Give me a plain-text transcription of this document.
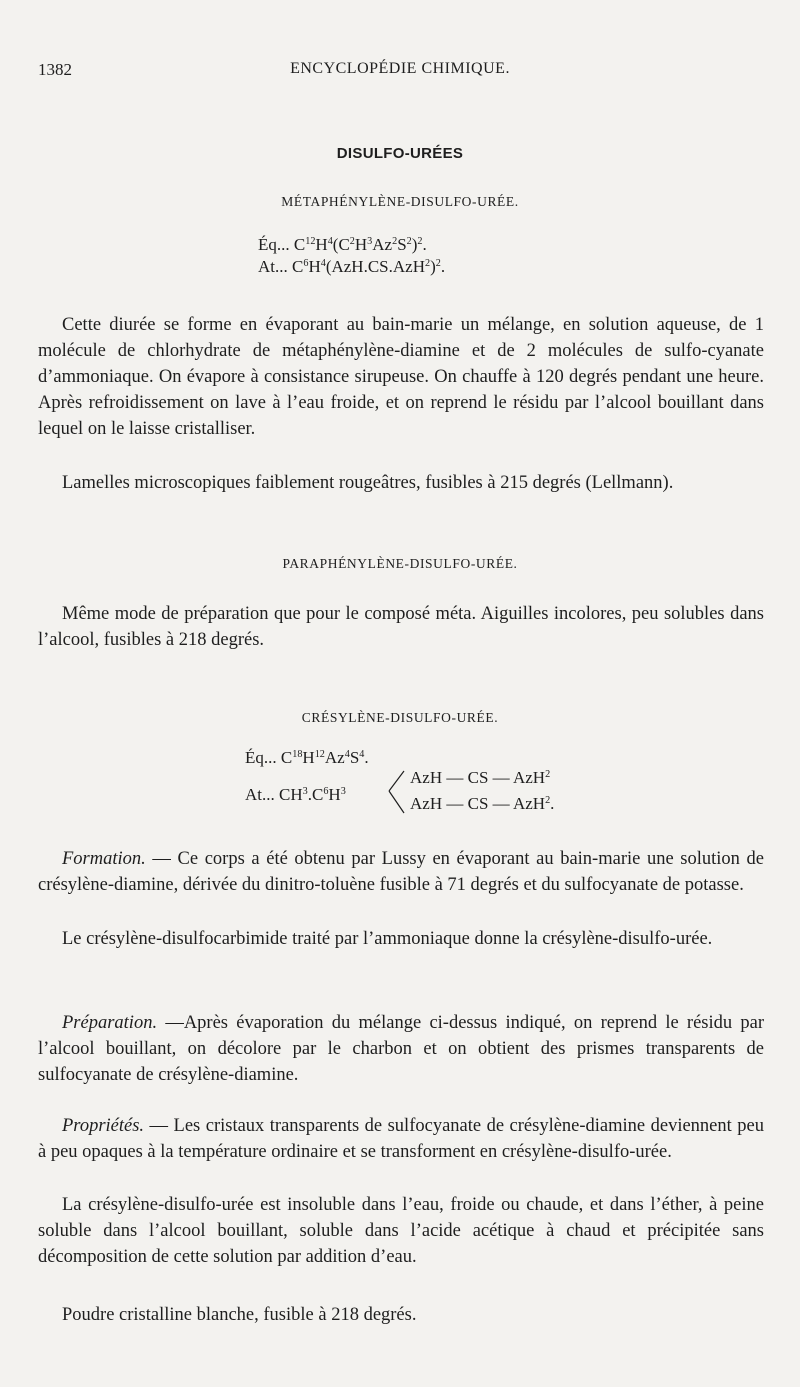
1382	ENCYCLOPÉDIE CHIMIQUE.
DISULFO-URÉES
MÉTAPHÉNYLÈNE-DISULFO-URÉE.
Éq... $C^{12}H^4(C^2H^3Az^2S^2)^2$.
At... $C^6H^4(AzH.CS.AzH^2)^2$.

Cette diurée se forme en évaporant au bain-marie un mélange, en solution aqueuse, de 1 molécule de chlorhydrate de métaphénylène-diamine et de 2 molécules de sulfo-cyanate d’ammoniaque. On évapore à consistance sirupeuse. On chauffe à 120 degrés pendant une heure. Après refroidissement on lave à l’eau froide, et on reprend le résidu par l’alcool bouillant dans lequel on le laisse cristalliser.

Lamelles microscopiques faiblement rougeâtres, fusibles à 215 degrés (Lellmann).

PARAPHÉNYLÈNE-DISULFO-URÉE.

Même mode de préparation que pour le composé méta. Aiguilles incolores, peu solubles dans l’alcool, fusibles à 218 degrés.

CRÉSYLÈNE-DISULFO-URÉE.
Éq... $C^{18}H^{12}Az^4S^4$.
At... $CH^3.C^6H^3$
AzH — CS — AzH$^2$
AzH — CS — AzH$^2$.

Formation. — Ce corps a été obtenu par Lussy en évaporant au bain-marie une solution de crésylène-diamine, dérivée du dinitro-toluène fusible à 71 degrés et du sulfocyanate de potasse.

Le crésylène-disulfocarbimide traité par l’ammoniaque donne la crésylène-disulfo-urée.

Préparation. —Après évaporation du mélange ci-dessus indiqué, on reprend le résidu par l’alcool bouillant, on décolore par le charbon et on obtient des prismes transparents de sulfocyanate de crésylène-diamine.

Propriétés. — Les cristaux transparents de sulfocyanate de crésylène-diamine deviennent peu à peu opaques à la température ordinaire et se transforment en crésylène-disulfo-urée.

La crésylène-disulfo-urée est insoluble dans l’eau, froide ou chaude, et dans l’éther, à peine soluble dans l’alcool bouillant, soluble dans l’acide acétique à chaud et précipitée sans décomposition de cette solution par addition d’eau.

Poudre cristalline blanche, fusible à 218 degrés.
